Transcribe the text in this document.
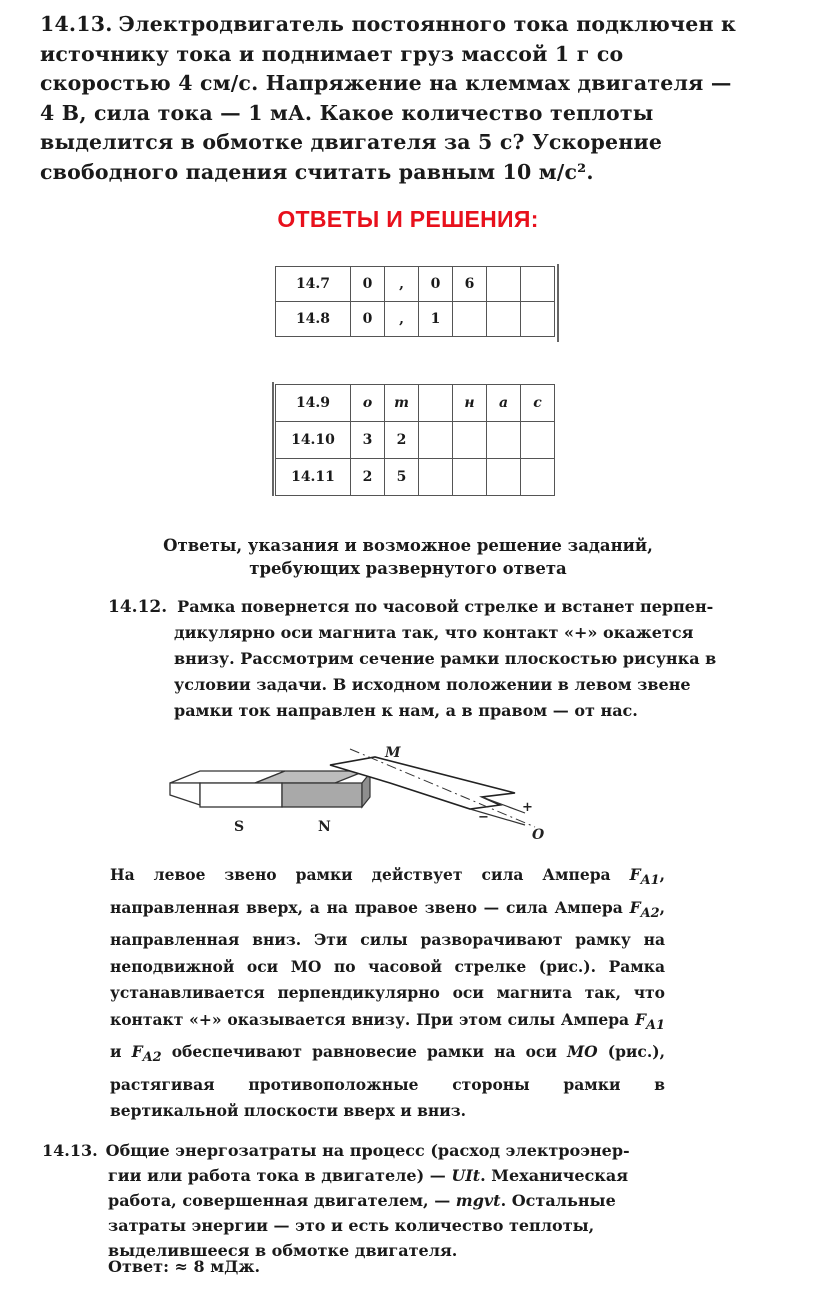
14.13. Электродвигатель постоянного тока подключен к источнику тока и поднимает груз массой 1 г со скоростью 4 см/с. Напряжение на клеммах двигателя — 4 В, сила тока — 1 мА. Какое количество теплоты выделится в обмотке двигателя за 5 с? Ускорение свободного падения считать равным 10 м/с².
ОТВЕТЫ И РЕШЕНИЯ:
14.7	0	,	0	6		
14.8	0	,	1			
14.9	о	т		н	а	с
14.10	3	2				
14.11	2	5				
Ответы, указания и возможное решение заданий,
требующих развернутого ответа
14.12. Рамка повернется по часовой стрелке и встанет перпен-
дикулярно оси магнита так, что контакт «+» окажется внизу. Рассмотрим сечение рамки плоскостью рисунка в условии задачи. В исходном положении в левом звене рамки ток направлен к нам, а в правом — от нас.
M
O
+
−
S	N
На левое звено рамки действует сила Ампера $F_{A1}$, направленная вверх, а на правое звено — сила Ампера $F_{A2}$, направленная вниз. Эти силы разворачивают рамку на неподвижной оси МО по часовой стрелке (рис.). Рамка устанавливается перпендикулярно оси магнита так, что контакт «+» оказывается внизу. При этом силы Ампера $F_{A1}$ и $F_{A2}$ обеспечивают равновесие рамки на оси МО (рис.), растягивая противоположные стороны рамки в вертикальной плоскости вверх и вниз.
14.13. Общие энергозатраты на процесс (расход электроэнер-
гии или работа тока в двигателе) — UIt. Механическая работа, совершенная двигателем, — mgvt. Остальные затраты энергии — это и есть количество теплоты, выделившееся в обмотке двигателя.
Ответ: ≈ 8 мДж.
